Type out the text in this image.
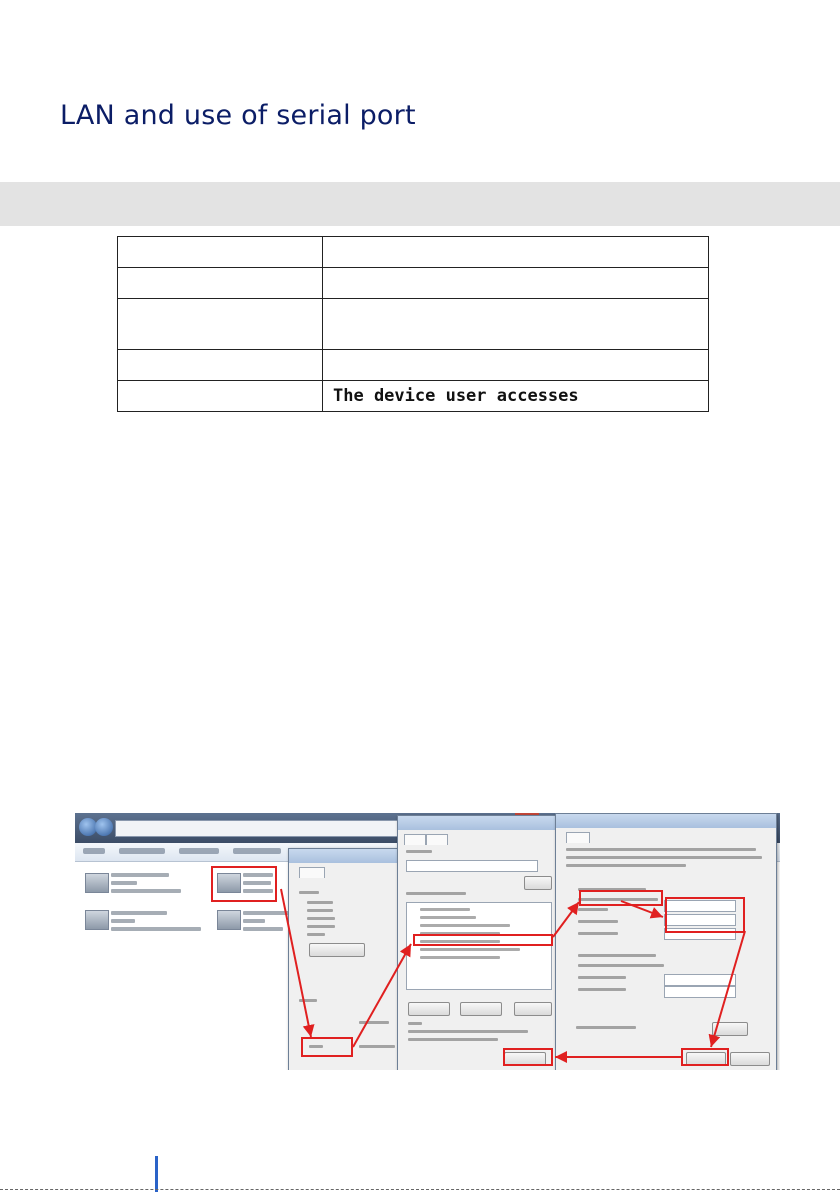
LAN and use of serial port

	The device user accesses
